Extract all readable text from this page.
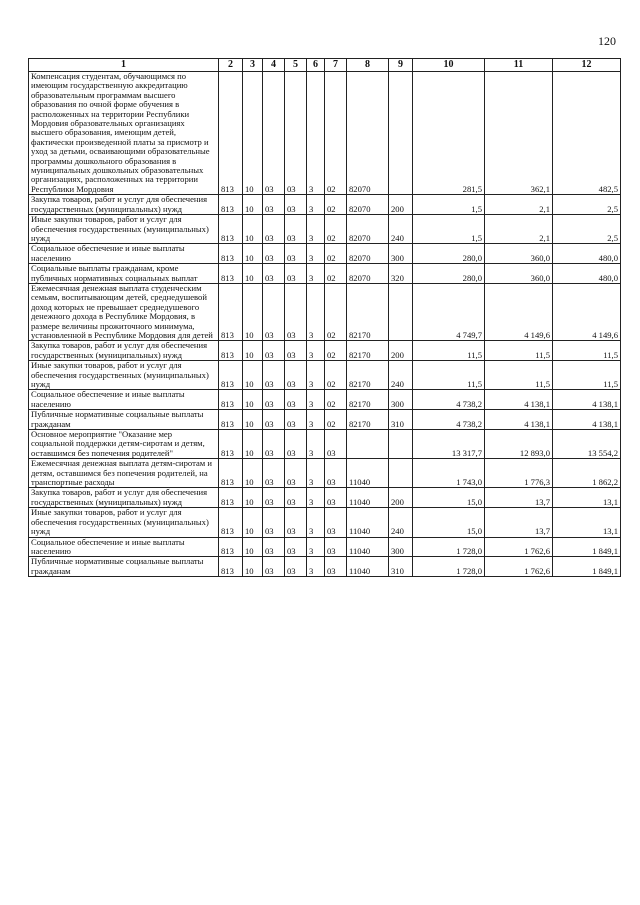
120
1	2	3	4	5	6	7	8	9	10	11	12
Компенсация студентам, обучающимся по имеющим государственную аккредитацию образовательным программам высшего образования по очной форме обучения в расположенных на территории Республики Мордовия образовательных организациях высшего образования, имеющим детей, фактически произведенной платы за присмотр и уход за детьми, осваивающими образовательные программы дошкольного образования в муниципальных дошкольных образовательных организациях, расположенных на территории Республики Мордовия	813	10	03	03	3	02	82070		281,5	362,1	482,5
Закупка товаров, работ и услуг для обеспечения государственных (муниципальных) нужд	813	10	03	03	3	02	82070	200	1,5	2,1	2,5
Иные закупки товаров, работ и услуг для обеспечения государственных (муниципальных) нужд	813	10	03	03	3	02	82070	240	1,5	2,1	2,5
Социальное обеспечение и иные выплаты населению	813	10	03	03	3	02	82070	300	280,0	360,0	480,0
Социальные выплаты гражданам, кроме публичных нормативных социальных выплат	813	10	03	03	3	02	82070	320	280,0	360,0	480,0
Ежемесячная денежная выплата студенческим семьям, воспитывающим детей, среднедушевой доход которых не превышает среднедушевого денежного дохода в Республике Мордовия, в размере величины прожиточного минимума, установленной в Республике Мордовия для детей	813	10	03	03	3	02	82170		4 749,7	4 149,6	4 149,6
Закупка товаров, работ и услуг для обеспечения государственных (муниципальных) нужд	813	10	03	03	3	02	82170	200	11,5	11,5	11,5
Иные закупки товаров, работ и услуг для обеспечения государственных (муниципальных) нужд	813	10	03	03	3	02	82170	240	11,5	11,5	11,5
Социальное обеспечение и иные выплаты населению	813	10	03	03	3	02	82170	300	4 738,2	4 138,1	4 138,1
Публичные нормативные социальные выплаты гражданам	813	10	03	03	3	02	82170	310	4 738,2	4 138,1	4 138,1
Основное мероприятие "Оказание мер социальной поддержки детям-сиротам и детям, оставшимся без попечения родителей"	813	10	03	03	3	03			13 317,7	12 893,0	13 554,2
Ежемесячная денежная выплата детям-сиротам и детям, оставшимся без попечения родителей, на транспортные расходы	813	10	03	03	3	03	11040		1 743,0	1 776,3	1 862,2
Закупка товаров, работ и услуг для обеспечения государственных (муниципальных) нужд	813	10	03	03	3	03	11040	200	15,0	13,7	13,1
Иные закупки товаров, работ и услуг для обеспечения государственных (муниципальных) нужд	813	10	03	03	3	03	11040	240	15,0	13,7	13,1
Социальное обеспечение и иные выплаты населению	813	10	03	03	3	03	11040	300	1 728,0	1 762,6	1 849,1
Публичные нормативные социальные выплаты гражданам	813	10	03	03	3	03	11040	310	1 728,0	1 762,6	1 849,1
